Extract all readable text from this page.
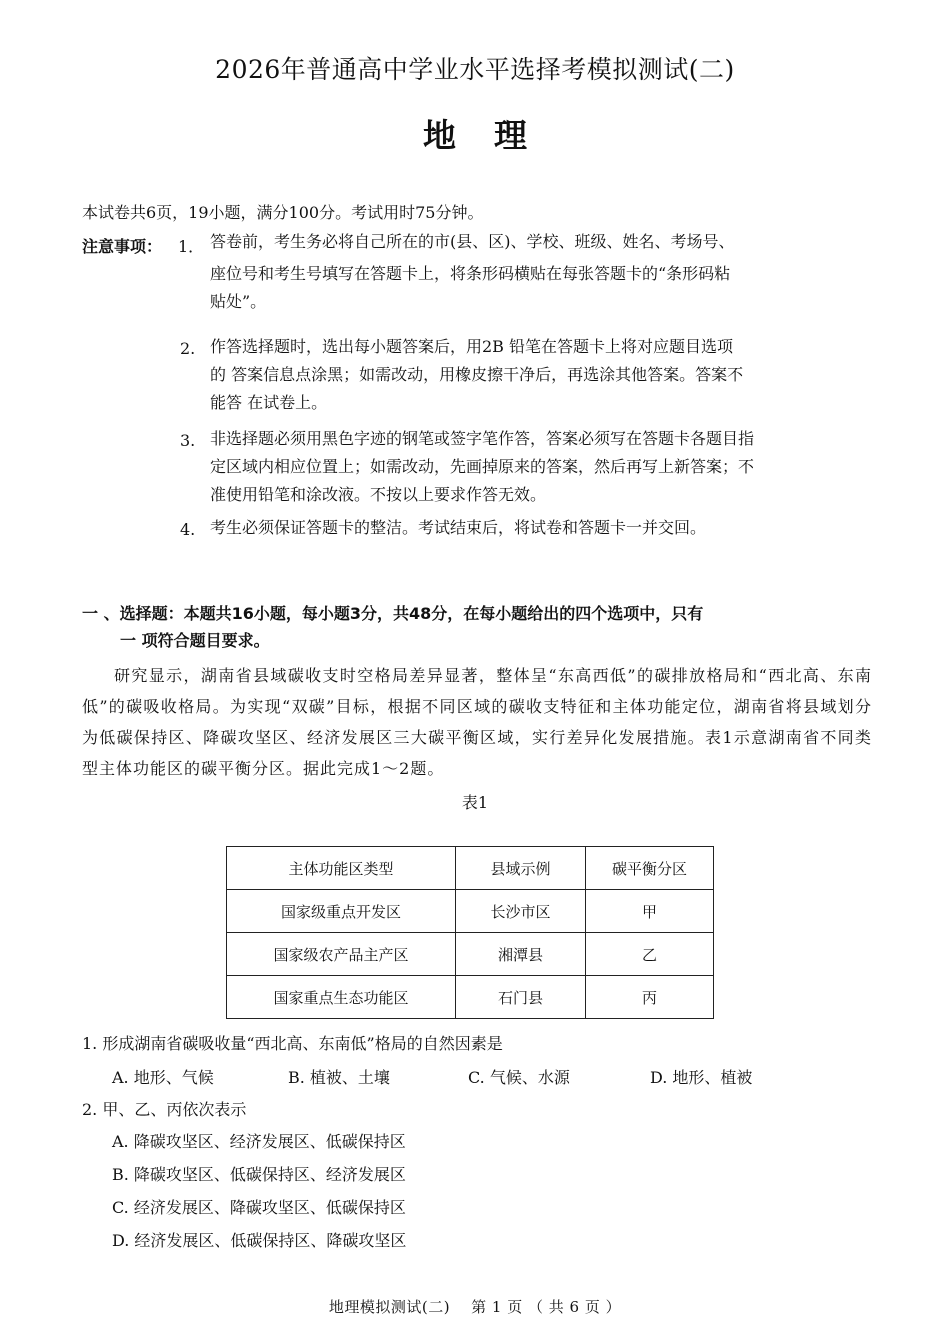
2026年普通高中学业水平选择考模拟测试(二)
地理
本试卷共6页，19小题，满分100分。考试用时75分钟。
注意事项： 1． 答卷前，考生务必将自己所在的市(县、区)、学校、班级、姓名、考场号、
座位号和考生号填写在答题卡上，将条形码横贴在每张答题卡的“条形码粘
贴处”。
2. 作答选择题时，选出每小题答案后，用2B 铅笔在答题卡上将对应题目选项
的 答案信息点涂黑；如需改动，用橡皮擦干净后，再选涂其他答案。答案不
能答 在试卷上。
3. 非选择题必须用黑色字迹的钢笔或签字笔作答，答案必须写在答题卡各题目指
定区域内相应位置上；如需改动，先画掉原来的答案，然后再写上新答案；不
准使用铅笔和涂改液。不按以上要求作答无效。
4. 考生必须保证答题卡的整洁。考试结束后，将试卷和答题卡一并交回。
一 、选择题：本题共16小题，每小题3分，共48分，在每小题给出的四个选项中，只有
一 项符合题目要求。
研究显示，湖南省县域碳收支时空格局差异显著，整体呈“东高西低”的碳排放格局和“西北高、东南低”的碳吸收格局。为实现“双碳”目标，根据不同区域的碳收支特征和主体功能定位，湖南省将县域划分为低碳保持区、降碳攻坚区、经济发展区三大碳平衡区域，实行差异化发展措施。表1示意湖南省不同类型主体功能区的碳平衡分区。据此完成1～2题。
表1
主体功能区类型	县域示例	碳平衡分区
国家级重点开发区	长沙市区	甲
国家级农产品主产区	湘潭县	乙
国家重点生态功能区	石门县	丙
1. 形成湖南省碳吸收量“西北高、东南低”格局的自然因素是
A. 地形、气候	B. 植被、土壤	C. 气候、水源	D. 地形、植被
2. 甲、乙、丙依次表示
A. 降碳攻坚区、经济发展区、低碳保持区
B. 降碳攻坚区、低碳保持区、经济发展区
C. 经济发展区、降碳攻坚区、低碳保持区
D. 经济发展区、低碳保持区、降碳攻坚区
地理模拟测试(二)    第 1 页 （ 共 6 页 ）
